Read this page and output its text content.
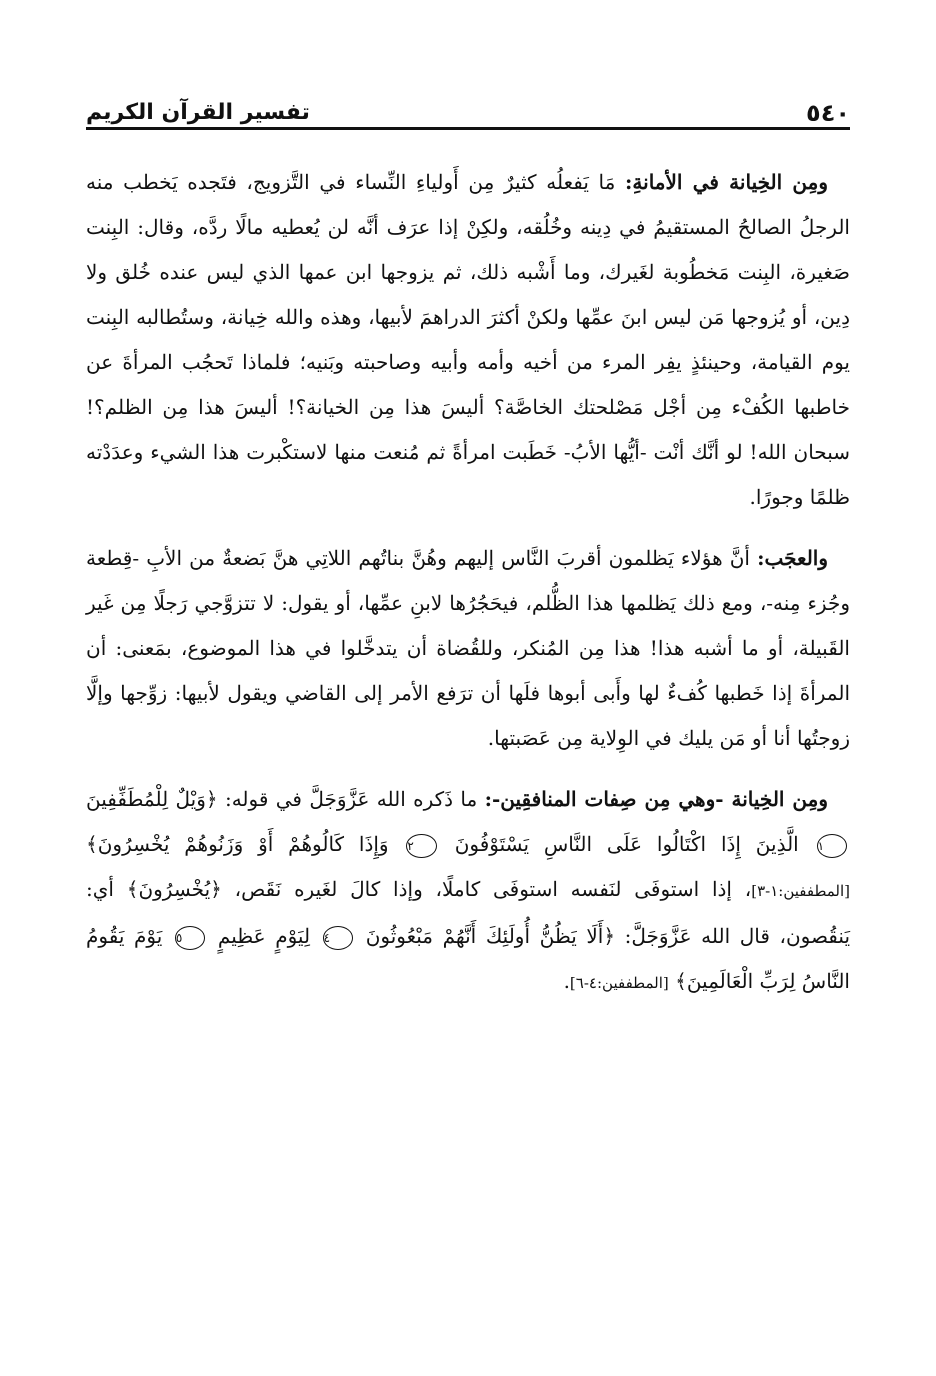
٥٤٠
تفسير القرآن الكريم

ومِن الخِيانة في الأمانةِ: مَا يَفعلُه كثيرٌ مِن أَولياءِ النِّساء في التَّزويج، فتَجده يَخطب منه الرجلُ الصالحُ المستقيمُ في دِينه وخُلُقه، ولكِنْ إذا عرَف أنَّه لن يُعطيه مالًا ردَّه، وقال: البِنت صَغيرة، البِنت مَخطُوبة لغَيرك، وما أَشْبه ذلك، ثم يزوجها ابن عمها الذي ليس عنده خُلق ولا دِين، أو يُزوجها مَن ليس ابنَ عمِّها ولكنْ أكثرَ الدراهمَ لأبيها، وهذه والله خِيانة، وستُطالبه البِنت يوم القيامة، وحينئذٍ يفِر المرء من أخيه وأمه وأبيه وصاحبته وبَنيه؛ فلماذا تَحجُب المرأةَ عن خاطبها الكُفْء مِن أجْل مَصْلحتك الخاصَّة؟ أليسَ هذا مِن الخيانة؟! أليسَ هذا مِن الظلم؟! سبحان الله! لو أنَّك أنْت -أيُّها الأبُ- خَطَبت امرأةً ثم مُنعت منها لاستكْبرت هذا الشيء وعدَدْته ظلمًا وجورًا.

والعجَب: أنَّ هؤلاء يَظلمون أقربَ النَّاس إليهم وهُنَّ بناتُهم اللاتِي هنَّ بَضعةٌ من الأبِ -قِطعة وجُزء مِنه-، ومع ذلك يَظلمها هذا الظُّلم، فيحَجُرُها لابنِ عمِّها، أو يقول: لا تتزوَّجي رَجلًا مِن غَير القَبيلة، أو ما أشبه هذا! هذا مِن المُنكر، وللقُضاة أن يتدخَّلوا في هذا الموضوع، بمَعنى: أن المرأةَ إذا خَطبها كُفءٌ لها وأَبى أبوها فلَها أن ترَفع الأمر إلى القاضي ويقول لأبيها: زوِّجها وإلَّا زوجتُها أنا أو مَن يليك في الوِلاية مِن عَصَبتها.

ومِن الخِيانة -وهي مِن صِفات المنافقِين-: ما ذَكره الله عَزَّوَجَلَّ في قوله: ﴿وَيْلٌ لِلْمُطَفِّفِينَ ١ الَّذِينَ إِذَا اكْتَالُوا عَلَى النَّاسِ يَسْتَوْفُونَ ٢ وَإِذَا كَالُوهُمْ أَوْ وَزَنُوهُمْ يُخْسِرُونَ﴾ [المطففين:١-٣]، إذا استوفَى لنَفسه استوفَى كاملًا، وإذا كالَ لغَيره نَقَص، ﴿يُخْسِرُونَ﴾ أي: يَنقُصون، قال الله عَزَّوَجَلَّ: ﴿أَلَا يَظُنُّ أُولَئِكَ أَنَّهُمْ مَبْعُوثُونَ ٤ لِيَوْمٍ عَظِيمٍ ٥ يَوْمَ يَقُومُ النَّاسُ لِرَبِّ الْعَالَمِينَ﴾ [المطففين:٤-٦].
